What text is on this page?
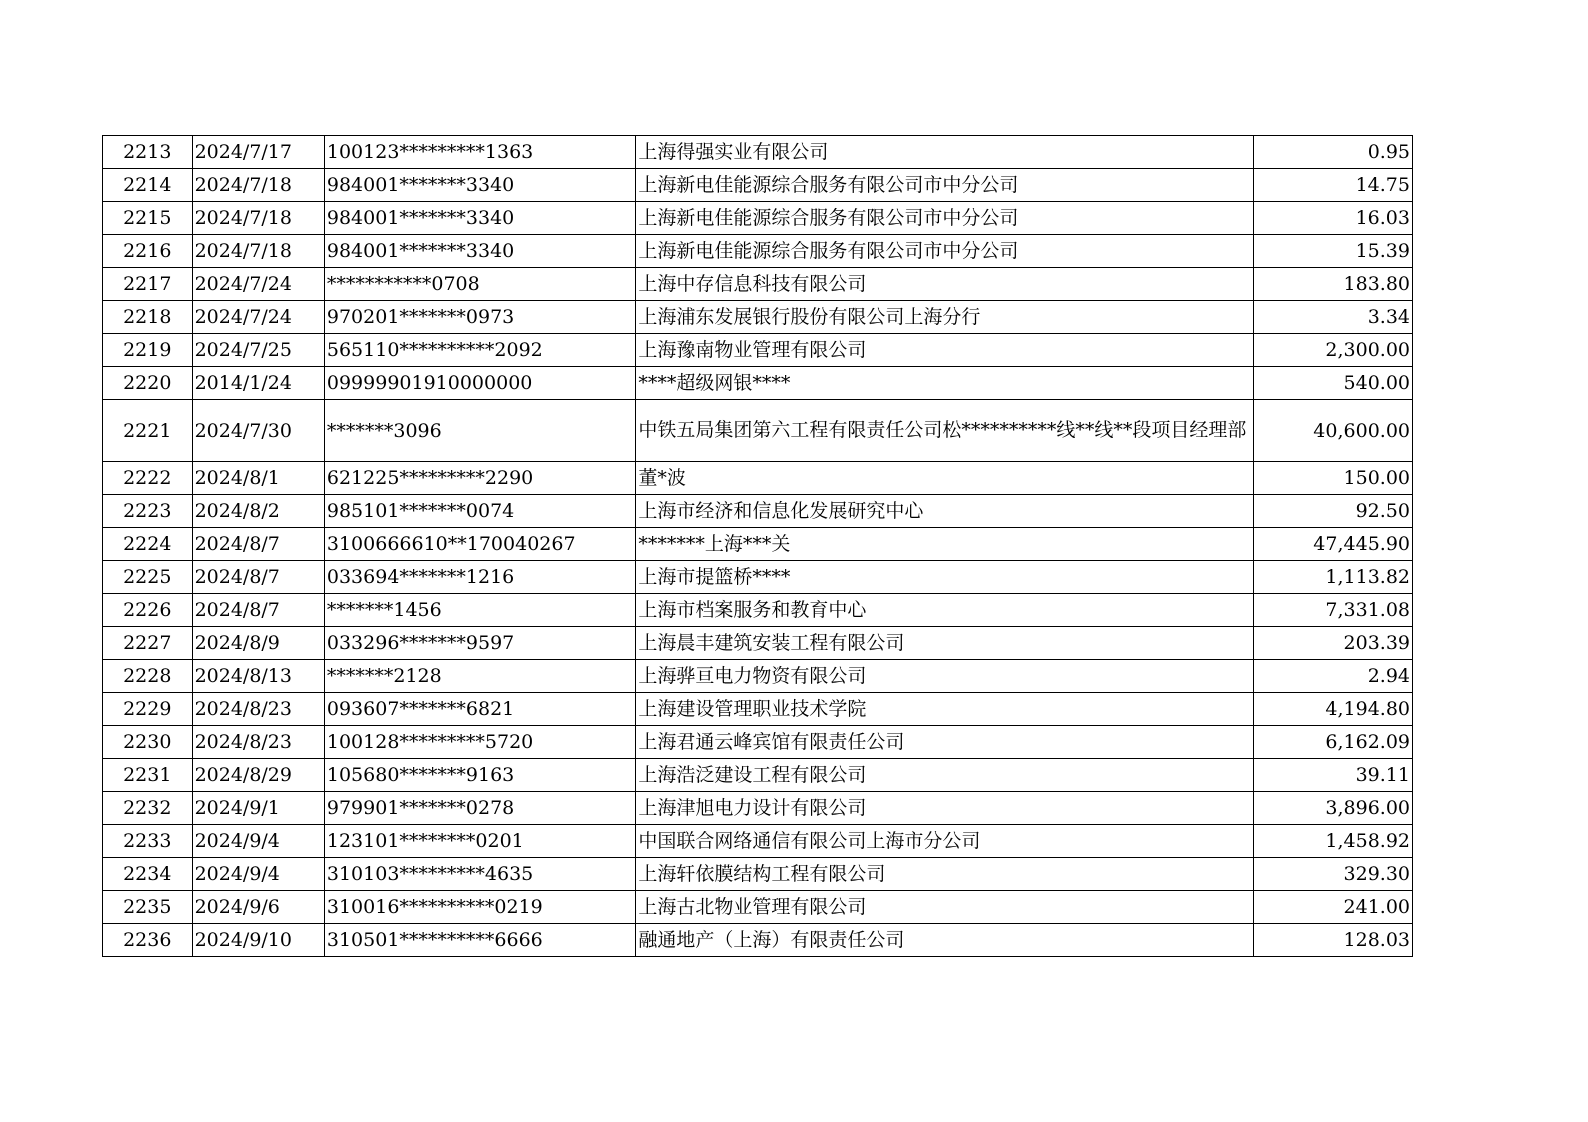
2213	2024/7/17	100123*********1363	上海得强实业有限公司	0.95
2214	2024/7/18	984001*******3340	上海新电佳能源综合服务有限公司市中分公司	14.75
2215	2024/7/18	984001*******3340	上海新电佳能源综合服务有限公司市中分公司	16.03
2216	2024/7/18	984001*******3340	上海新电佳能源综合服务有限公司市中分公司	15.39
2217	2024/7/24	***********0708	上海中存信息科技有限公司	183.80
2218	2024/7/24	970201*******0973	上海浦东发展银行股份有限公司上海分行	3.34
2219	2024/7/25	565110**********2092	上海豫南物业管理有限公司	2,300.00
2220	2014/1/24	09999901910000000	****超级网银****	540.00
2221	2024/7/30	*******3096	中铁五局集团第六工程有限责任公司松**********线**线**段项目经理部	40,600.00
2222	2024/8/1	621225*********2290	董*波	150.00
2223	2024/8/2	985101*******0074	上海市经济和信息化发展研究中心	92.50
2224	2024/8/7	3100666610**170040267	*******上海***关	47,445.90
2225	2024/8/7	033694*******1216	上海市提篮桥****	1,113.82
2226	2024/8/7	*******1456	上海市档案服务和教育中心	7,331.08
2227	2024/8/9	033296*******9597	上海晨丰建筑安装工程有限公司	203.39
2228	2024/8/13	*******2128	上海骅亘电力物资有限公司	2.94
2229	2024/8/23	093607*******6821	上海建设管理职业技术学院	4,194.80
2230	2024/8/23	100128*********5720	上海君通云峰宾馆有限责任公司	6,162.09
2231	2024/8/29	105680*******9163	上海浩泛建设工程有限公司	39.11
2232	2024/9/1	979901*******0278	上海津旭电力设计有限公司	3,896.00
2233	2024/9/4	123101********0201	中国联合网络通信有限公司上海市分公司	1,458.92
2234	2024/9/4	310103*********4635	上海轩依膜结构工程有限公司	329.30
2235	2024/9/6	310016**********0219	上海古北物业管理有限公司	241.00
2236	2024/9/10	310501**********6666	融通地产（上海）有限责任公司	128.03
